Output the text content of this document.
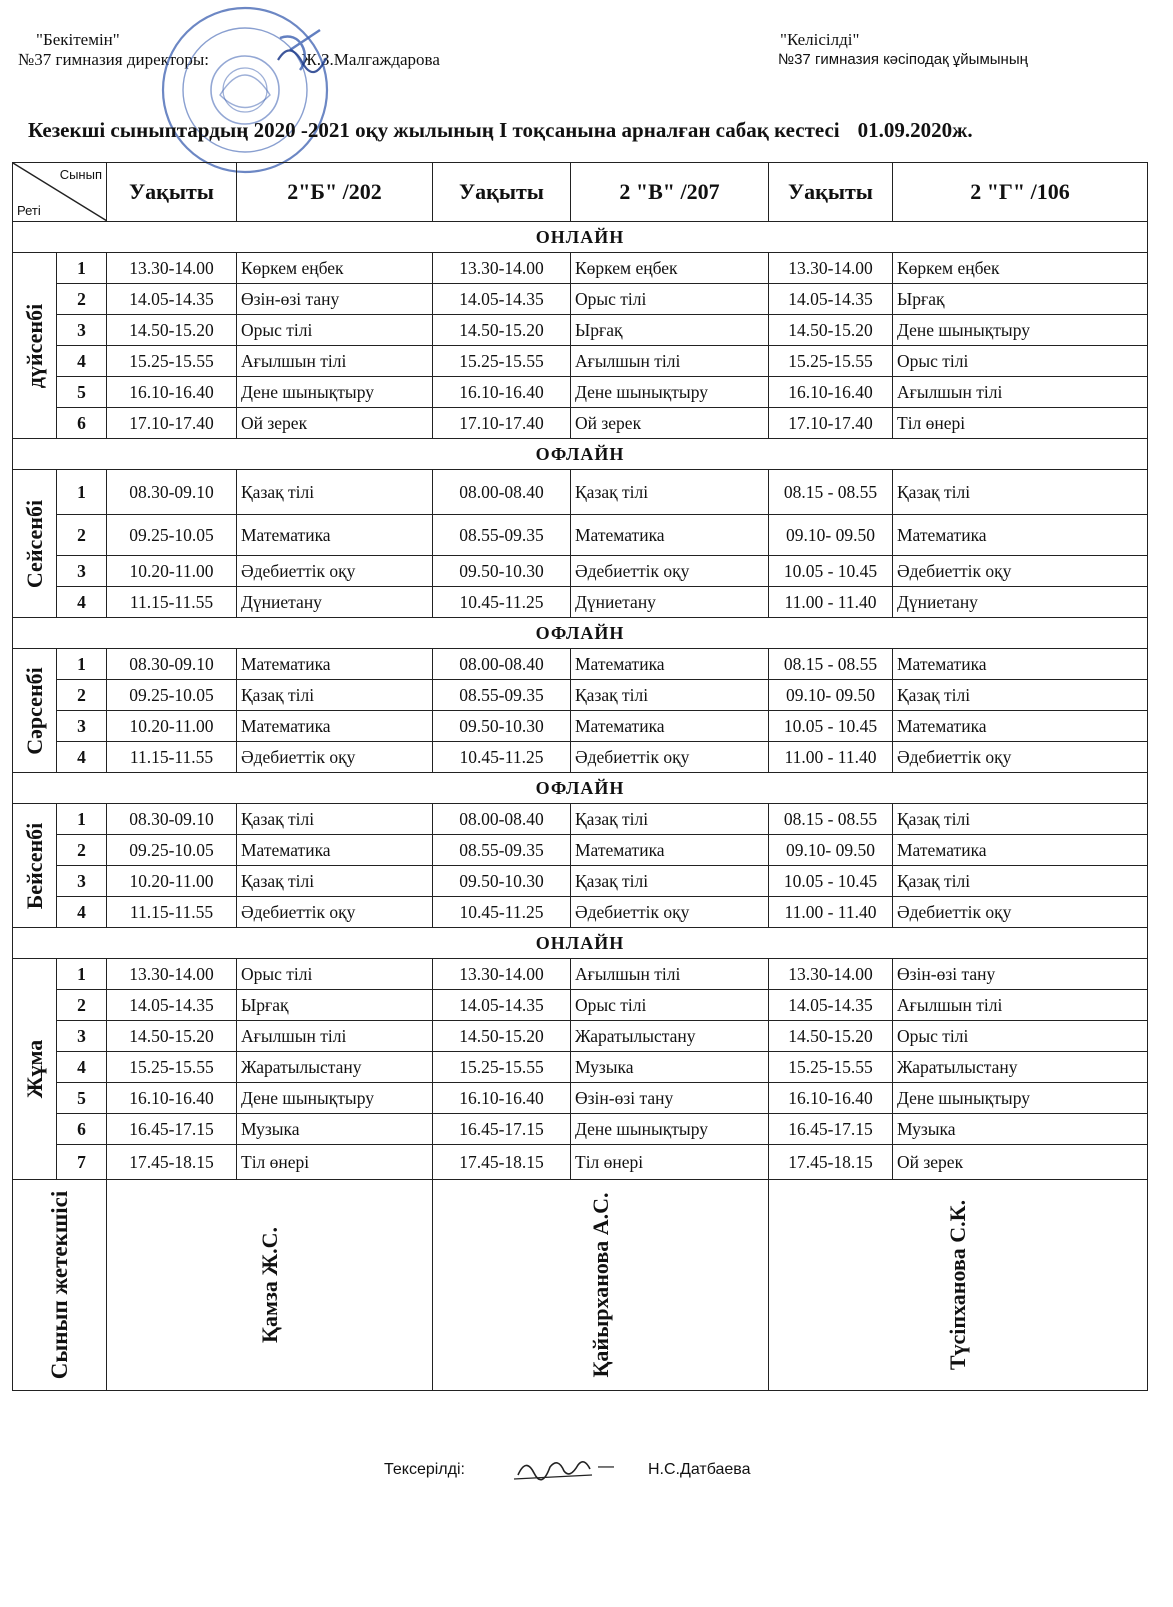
"Бекітемін"
№37 гимназия директоры:	Ж.З.Малгаждарова
"Келісілді"
№37 гимназия кәсіподақ ұйымының
Кезекші сыныптардың 2020 -2021 оқу жылының І тоқсанына арналған сабақ кестесі 01.09.2020ж.
Сынып
Реті		Уақыты	2"Б" /202	Уақыты	2 "В" /207	Уақыты	2 "Г" /106
ОНЛАЙН							

дүйсенбі	1	13.30-14.00	Көркем еңбек	13.30-14.00	Көркем еңбек	13.30-14.00	Көркем еңбек
	2	14.05-14.35	Өзін-өзі тану	14.05-14.35	Орыс тілі	14.05-14.35	Ырғақ
	3	14.50-15.20	Орыс тілі	14.50-15.20	Ырғақ	14.50-15.20	Дене шынықтыру
	4	15.25-15.55	Ағылшын тілі	15.25-15.55	Ағылшын тілі	15.25-15.55	Орыс тілі
	5	16.10-16.40	Дене шынықтыру	16.10-16.40	Дене шынықтыру	16.10-16.40	Ағылшын тілі
	6	17.10-17.40	Ой зерек	17.10-17.40	Ой зерек	17.10-17.40	Тіл өнері
ОФЛАЙН							

Сейсенбі	1	08.30-09.10	Қазақ тілі	08.00-08.40	Қазақ тілі	08.15 - 08.55	Қазақ тілі
	2	09.25-10.05	Математика	08.55-09.35	Математика	09.10- 09.50	Математика
	3	10.20-11.00	Әдебиеттік оқу	09.50-10.30	Әдебиеттік оқу	10.05 - 10.45	Әдебиеттік оқу
	4	11.15-11.55	Дүниетану	10.45-11.25	Дүниетану	11.00 - 11.40	Дүниетану
ОФЛАЙН							

Сәрсенбі	1	08.30-09.10	Математика	08.00-08.40	Математика	08.15 - 08.55	Математика
	2	09.25-10.05	Қазақ тілі	08.55-09.35	Қазақ тілі	09.10- 09.50	Қазақ тілі
	3	10.20-11.00	Математика	09.50-10.30	Математика	10.05 - 10.45	Математика
	4	11.15-11.55	Әдебиеттік оқу	10.45-11.25	Әдебиеттік оқу	11.00 - 11.40	Әдебиеттік оқу
ОФЛАЙН							

Бейсенбі	1	08.30-09.10	Қазақ тілі	08.00-08.40	Қазақ тілі	08.15 - 08.55	Қазақ тілі
	2	09.25-10.05	Математика	08.55-09.35	Математика	09.10- 09.50	Математика
	3	10.20-11.00	Қазақ тілі	09.50-10.30	Қазақ тілі	10.05 - 10.45	Қазақ тілі
	4	11.15-11.55	Әдебиеттік оқу	10.45-11.25	Әдебиеттік оқу	11.00 - 11.40	Әдебиеттік оқу
ОНЛАЙН							

Жұма	1	13.30-14.00	Орыс тілі	13.30-14.00	Ағылшын тілі	13.30-14.00	Өзін-өзі тану
	2	14.05-14.35	Ырғақ	14.05-14.35	Орыс тілі	14.05-14.35	Ағылшын тілі
	3	14.50-15.20	Ағылшын тілі	14.50-15.20	Жаратылыстану	14.50-15.20	Орыс тілі
	4	15.25-15.55	Жаратылыстану	15.25-15.55	Музыка	15.25-15.55	Жаратылыстану
	5	16.10-16.40	Дене шынықтыру	16.10-16.40	Өзін-өзі тану	16.10-16.40	Дене шынықтыру
	6	16.45-17.15	Музыка	16.45-17.15	Дене шынықтыру	16.45-17.15	Музыка
	7	17.45-18.15	Тіл өнері	17.45-18.15	Тіл өнері	17.45-18.15	Ой зерек

Сынып жетекшісі		Қамза Ж.С.		Қайырханова А.С.		Түсіпханова С.К.	
Тексерілді:	— Н.С.Датбаева
